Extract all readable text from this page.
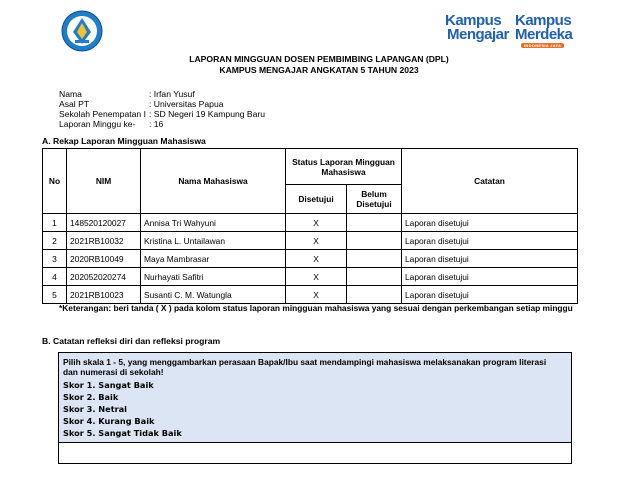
Kampus
Mengajar
Kampus
Merdeka
INDONESIA JAYA
LAPORAN MINGGUAN DOSEN PEMBIMBING LAPANGAN (DPL)
KAMPUS MENGAJAR ANGKATAN 5 TAHUN 2023
Nama	: Irfan Yusuf
Asal PT	: Universitas Papua
Sekolah Penempatan I : SD Negeri 19 Kampung Baru
Laporan Minggu ke- : 16
A. Rekap Laporan Mingguan Mahasiswa
No	NIM	Nama Mahasiswa	Status Laporan Mingguan Mahasiswa		Catatan
			Disetujui	Belum Disetujui	
1	148520120027	Annisa Tri Wahyuni	X		Laporan disetujui
2	2021RB10032	Kristina L. Untailawan	X		Laporan disetujui
3	2020RB10049	Maya Mambrasar	X		Laporan disetujui
4	202052020274	Nurhayati Safitri	X		Laporan disetujui
5	2021RB10023	Susanti C. M. Watungla	X		Laporan disetujui
*Keterangan: beri tanda ( X ) pada kolom status laporan mingguan mahasiswa yang sesuai dengan perkembangan setiap minggu
B. Catatan refleksi diri dan refleksi program
Pilih skala 1 - 5, yang menggambarkan perasaan Bapak/Ibu saat mendampingi mahasiswa melaksanakan program literasi dan numerasi di sekolah!
Skor 1. Sangat Baik
Skor 2. Baik
Skor 3. Netral
Skor 4. Kurang Baik
Skor 5. Sangat Tidak Baik
